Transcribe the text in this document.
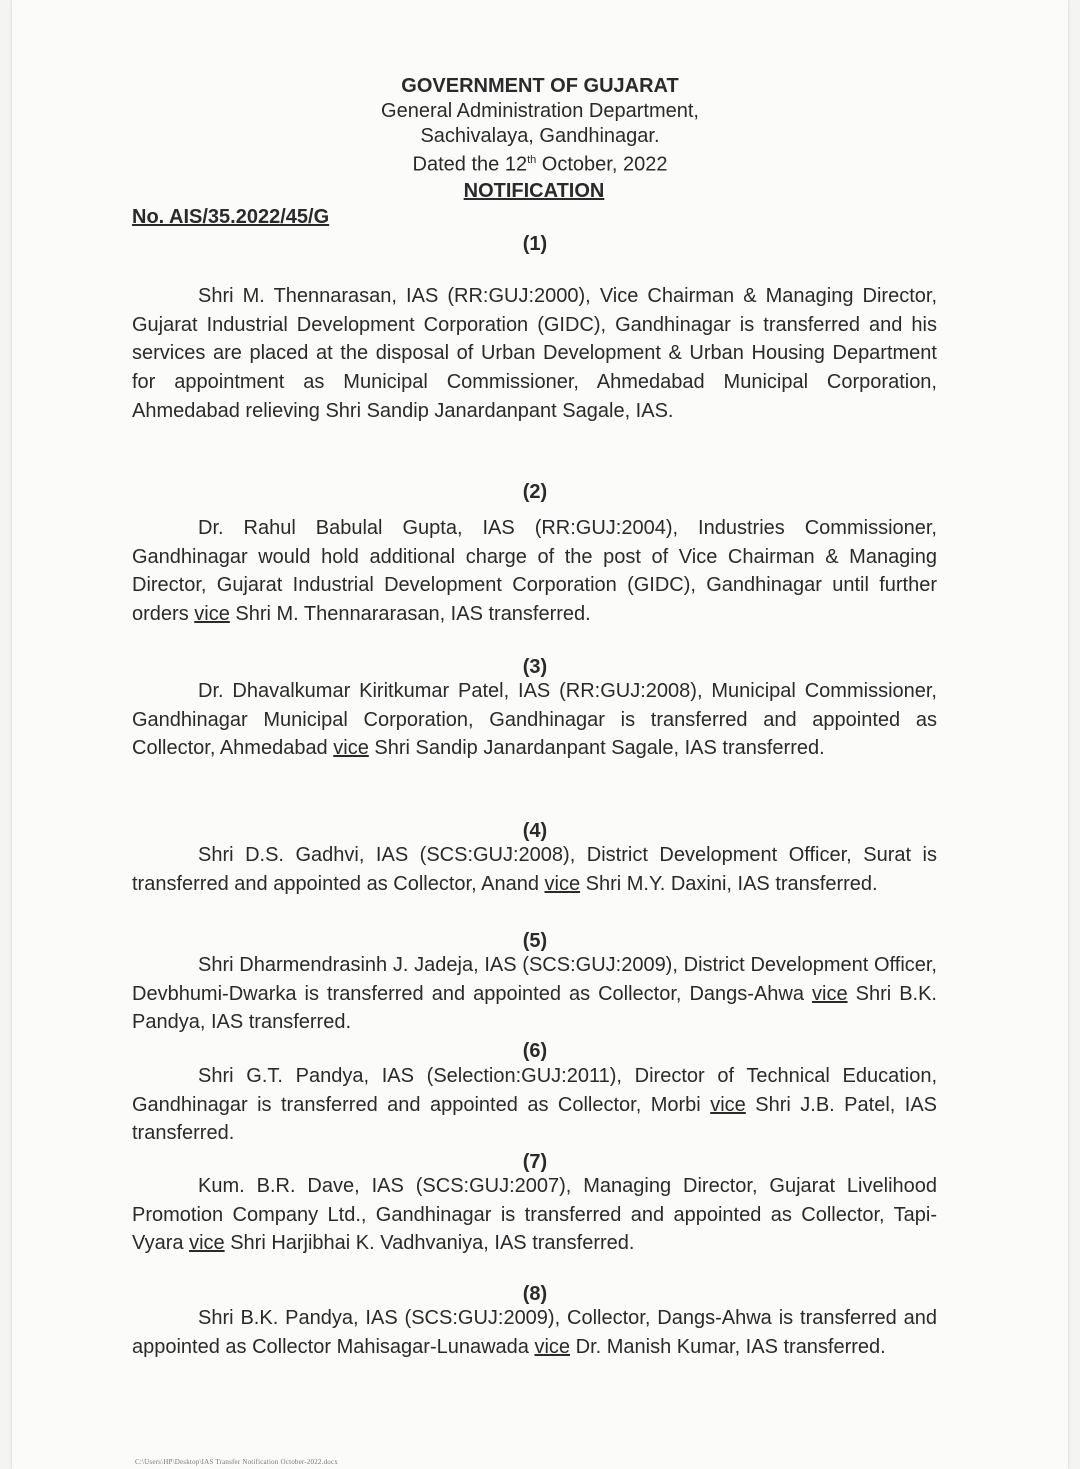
GOVERNMENT OF GUJARAT
General Administration Department,
Sachivalaya, Gandhinagar.
Dated the 12th October, 2022
NOTIFICATION
No. AIS/35.2022/45/G
(1)
Shri M. Thennarasan, IAS (RR:GUJ:2000), Vice Chairman & Managing Director, Gujarat Industrial Development Corporation (GIDC), Gandhinagar is transferred and his services are placed at the disposal of Urban Development & Urban Housing Department for appointment as Municipal Commissioner, Ahmedabad Municipal Corporation, Ahmedabad relieving Shri Sandip Janardanpant Sagale, IAS.
(2)
Dr. Rahul Babulal Gupta, IAS (RR:GUJ:2004), Industries Commissioner, Gandhinagar would hold additional charge of the post of Vice Chairman & Managing Director, Gujarat Industrial Development Corporation (GIDC), Gandhinagar until further orders vice Shri M. Thennararasan, IAS transferred.
(3)
Dr. Dhavalkumar Kiritkumar Patel, IAS (RR:GUJ:2008), Municipal Commissioner, Gandhinagar Municipal Corporation, Gandhinagar is transferred and appointed as Collector, Ahmedabad vice Shri Sandip Janardanpant Sagale, IAS transferred.
(4)
Shri D.S. Gadhvi, IAS (SCS:GUJ:2008), District Development Officer, Surat is transferred and appointed as Collector, Anand vice Shri M.Y. Daxini, IAS transferred.
(5)
Shri Dharmendrasinh J. Jadeja, IAS (SCS:GUJ:2009), District Development Officer, Devbhumi-Dwarka is transferred and appointed as Collector, Dangs-Ahwa vice Shri B.K. Pandya, IAS transferred.
(6)
Shri G.T. Pandya, IAS (Selection:GUJ:2011), Director of Technical Education, Gandhinagar is transferred and appointed as Collector, Morbi vice Shri J.B. Patel, IAS transferred.
(7)
Kum. B.R. Dave, IAS (SCS:GUJ:2007), Managing Director, Gujarat Livelihood Promotion Company Ltd., Gandhinagar is transferred and appointed as Collector, Tapi-Vyara vice Shri Harjibhai K. Vadhvaniya, IAS transferred.
(8)
Shri B.K. Pandya, IAS (SCS:GUJ:2009), Collector, Dangs-Ahwa is transferred and appointed as Collector Mahisagar-Lunawada vice Dr. Manish Kumar, IAS transferred.
C:\Users\HP\Desktop\IAS Transfer Notification October-2022.docx
